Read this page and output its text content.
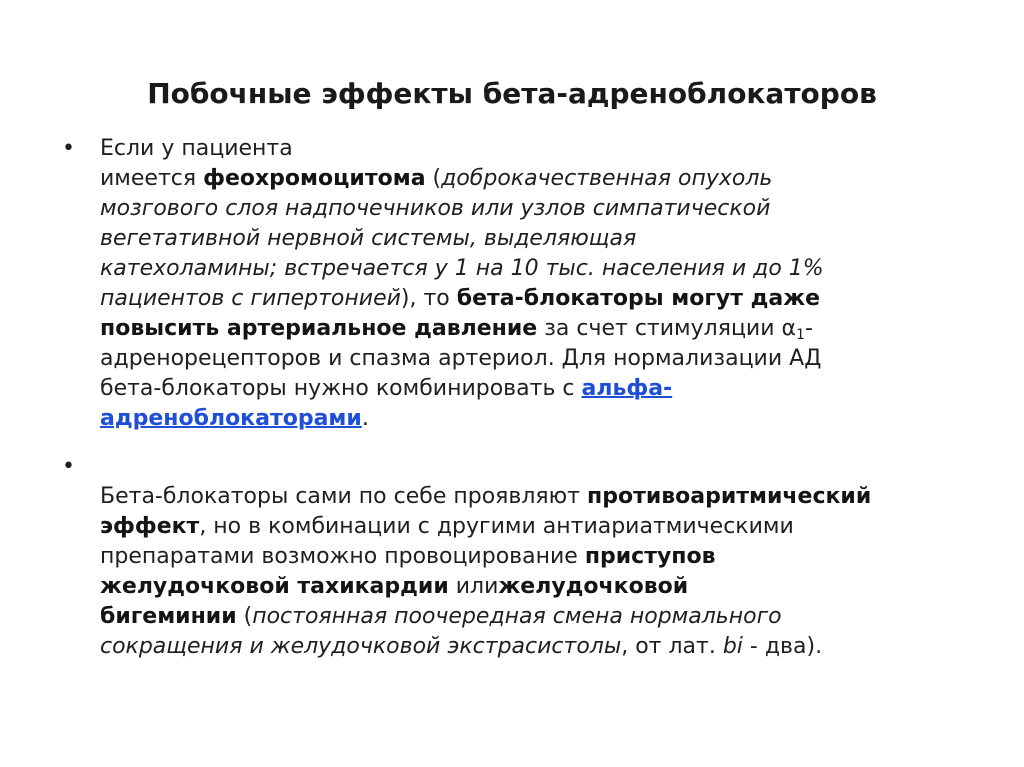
Побочные эффекты бета-адреноблокаторов
• Если у пациента
имеется феохромоцитома (доброкачественная опухоль
мозгового слоя надпочечников или узлов симпатической
вегетативной нервной системы, выделяющая
катехоламины; встречается у 1 на 10 тыс. населения и до 1%
пациентов с гипертонией), то бета-блокаторы могут даже
повысить артериальное давление за счет стимуляции $\alpha_1-$
адренорецепторов и спазма артериол. Для нормализации АД
бета-блокаторы нужно комбинировать с альфа-
адреноблокаторами.
•
Бета-блокаторы сами по себе проявляют противоаритмический
эффект, но в комбинации с другими антиариатмическими
препаратами возможно провоцирование приступов
желудочковой тахикардии илижелудочковой
бигеминии (постоянная поочередная смена нормального
сокращения и желудочковой экстрасистолы, от лат. bi - два).
